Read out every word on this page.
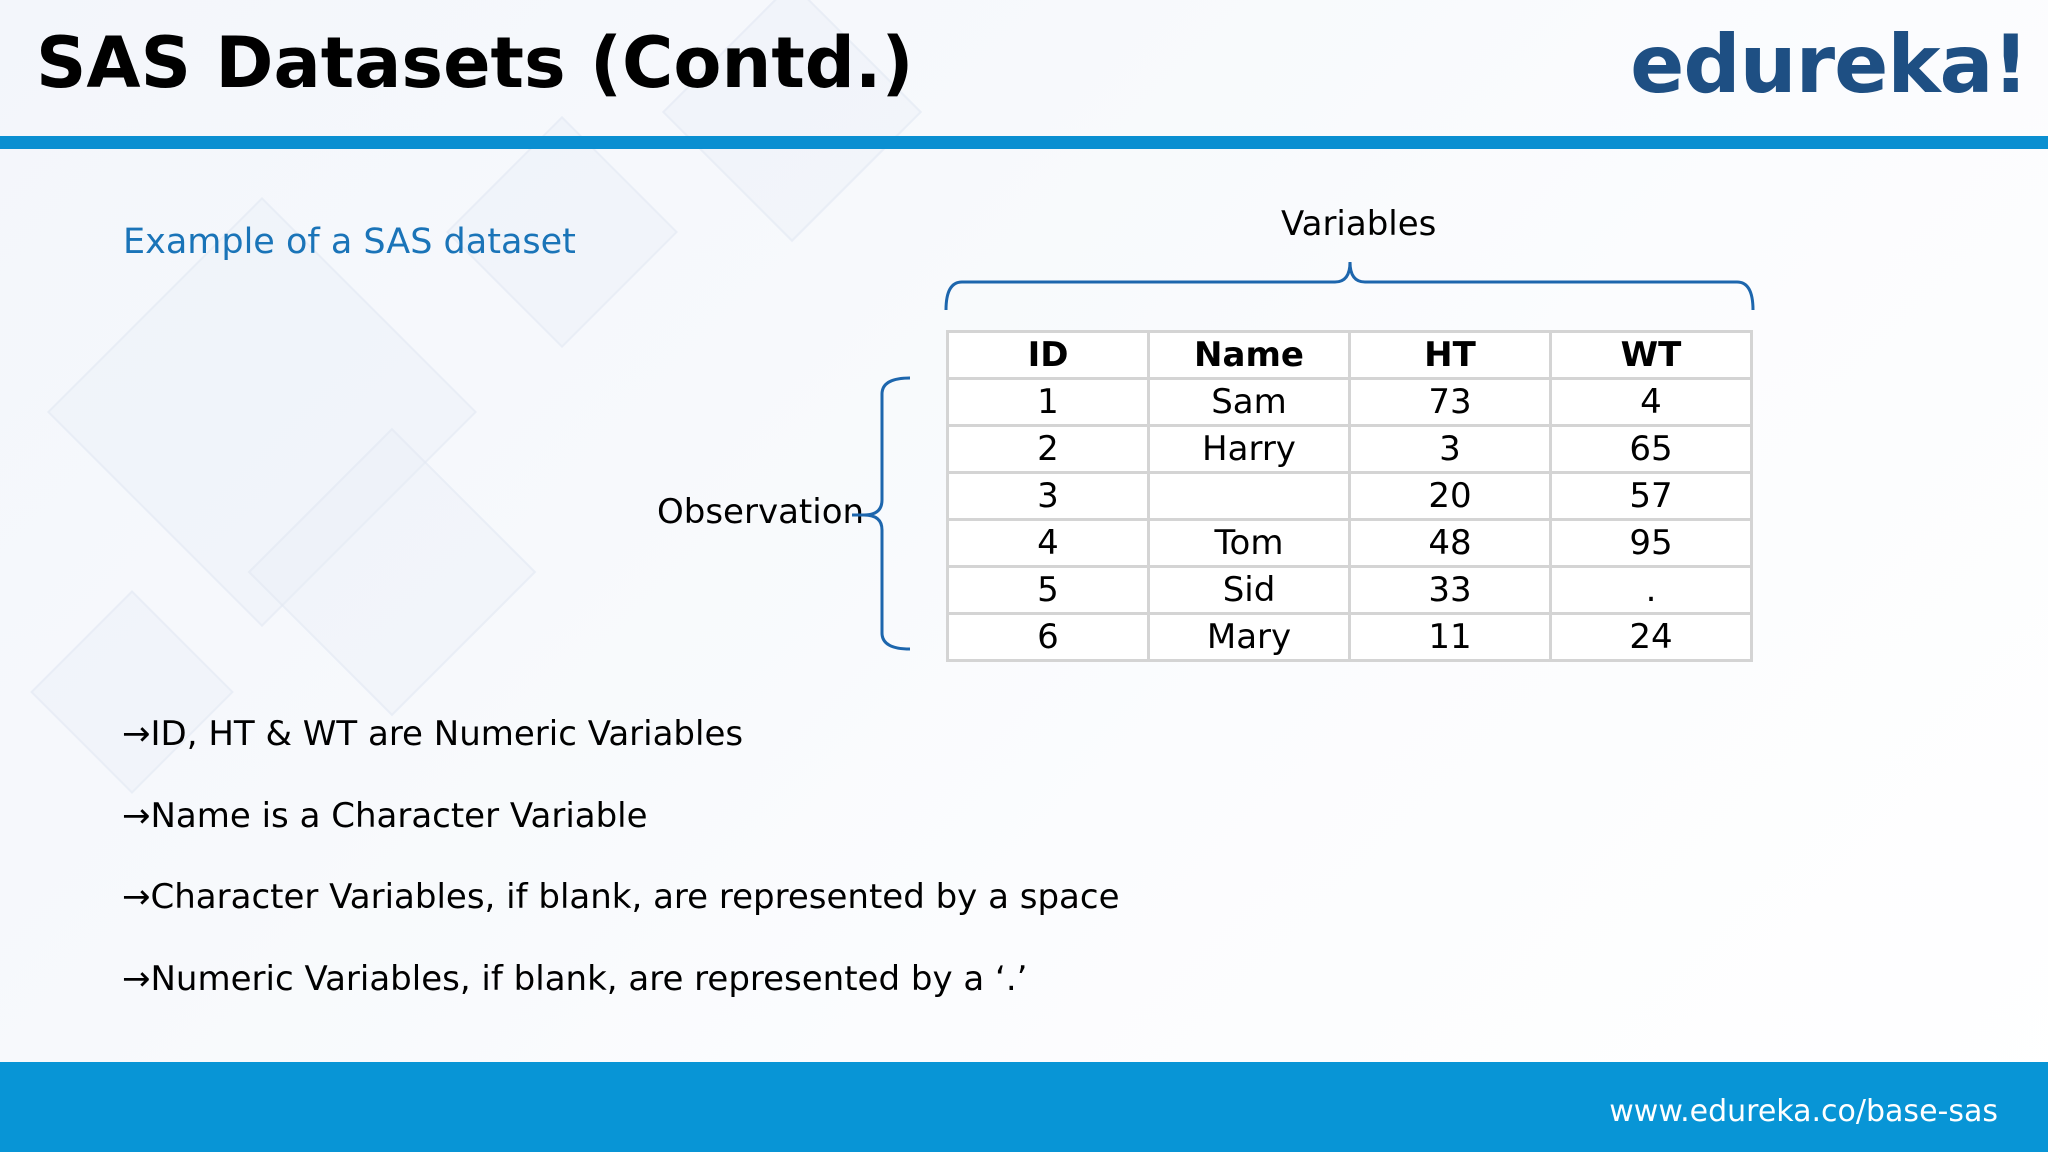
SAS Datasets (Contd.)	edureka!
Example of a SAS dataset	Variables
Observation
ID	Name	HT	WT
1	Sam	73	4
2	Harry	3	65
3		20	57
4	Tom	48	95
5	Sid	33	.
6	Mary	11	24
→ID, HT & WT are Numeric Variables
→Name is a Character Variable
→Character Variables, if blank, are represented by a space
→Numeric Variables, if blank, are represented by a ‘.’
www.edureka.co/base-sas
